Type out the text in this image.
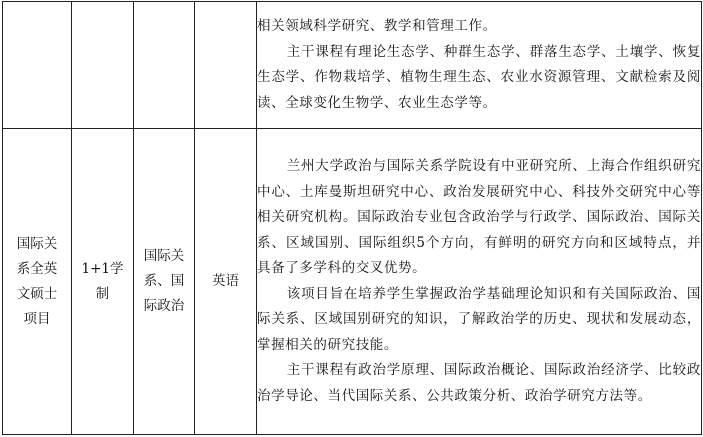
				相关领域科学研究、教学和管理工作。

主干课程有理论生态学、种群生态学、群落生态学、土壤学、恢复生态学、作物栽培学、植物生理生态、农业水资源管理、文献检索及阅读、全球变化生物学、农业生态学等。

国际关系全英文硕士项目	1+1学制	国际关系、国际政治	英语	兰州大学政治与国际关系学院设有中亚研究所、上海合作组织研究中心、土库曼斯坦研究中心、政治发展研究中心、科技外交研究中心等相关研究机构。国际政治专业包含政治学与行政学、国际政治、国际关系、区域国别、国际组织5个方向，有鲜明的研究方向和区域特点，并具备了多学科的交叉优势。

该项目旨在培养学生掌握政治学基础理论知识和有关国际政治、国际关系、区域国别研究的知识，了解政治学的历史、现状和发展动态，掌握相关的研究技能。

主干课程有政治学原理、国际政治概论、国际政治经济学、比较政治学导论、当代国际关系、公共政策分析、政治学研究方法等。
